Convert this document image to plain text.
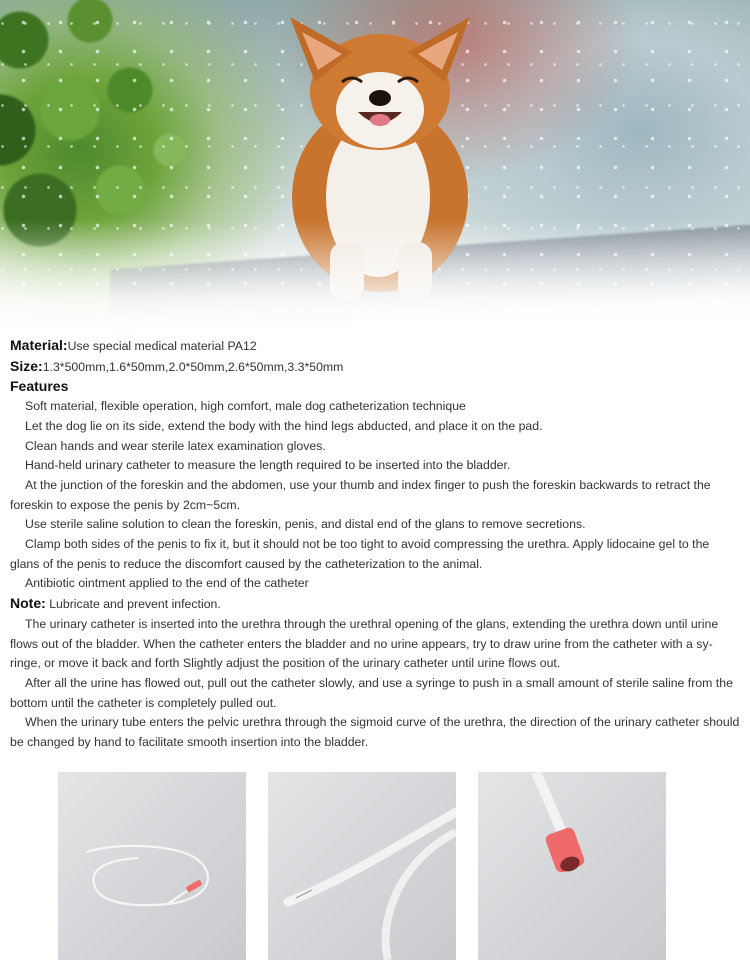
Material:Use special medical material PA12

Size:1.3*500mm,1.6*50mm,2.0*50mm,2.6*50mm,3.3*50mm

Features

Soft material, flexible operation, high comfort, male dog catheterization technique

Let the dog lie on its side, extend the body with the hind legs abducted, and place it on the pad.

Clean hands and wear sterile latex examination gloves.

Hand-held urinary catheter to measure the length required to be inserted into the bladder.

At the junction of the foreskin and the abdomen, use your thumb and index finger to push the foreskin backwards to retract the foreskin to expose the penis by 2cm~5cm.

Use sterile saline solution to clean the foreskin, penis, and distal end of the glans to remove secretions.

Clamp both sides of the penis to fix it, but it should not be too tight to avoid compressing the urethra. Apply lidocaine gel to the glans of the penis to reduce the discomfort caused by the catheterization to the animal.

Antibiotic ointment applied to the end of the catheter

Note: Lubricate and prevent infection.

The urinary catheter is inserted into the urethra through the urethral opening of the glans, extending the urethra down until urine flows out of the bladder. When the catheter enters the bladder and no urine appears, try to draw urine from the catheter with a sy-ringe, or move it back and forth Slightly adjust the position of the urinary catheter until urine flows out.

After all the urine has flowed out, pull out the catheter slowly, and use a syringe to push in a small amount of sterile saline from the bottom until the catheter is completely pulled out.

When the urinary tube enters the pelvic urethra through the sigmoid curve of the urethra, the direction of the urinary catheter should be changed by hand to facilitate smooth insertion into the bladder.
